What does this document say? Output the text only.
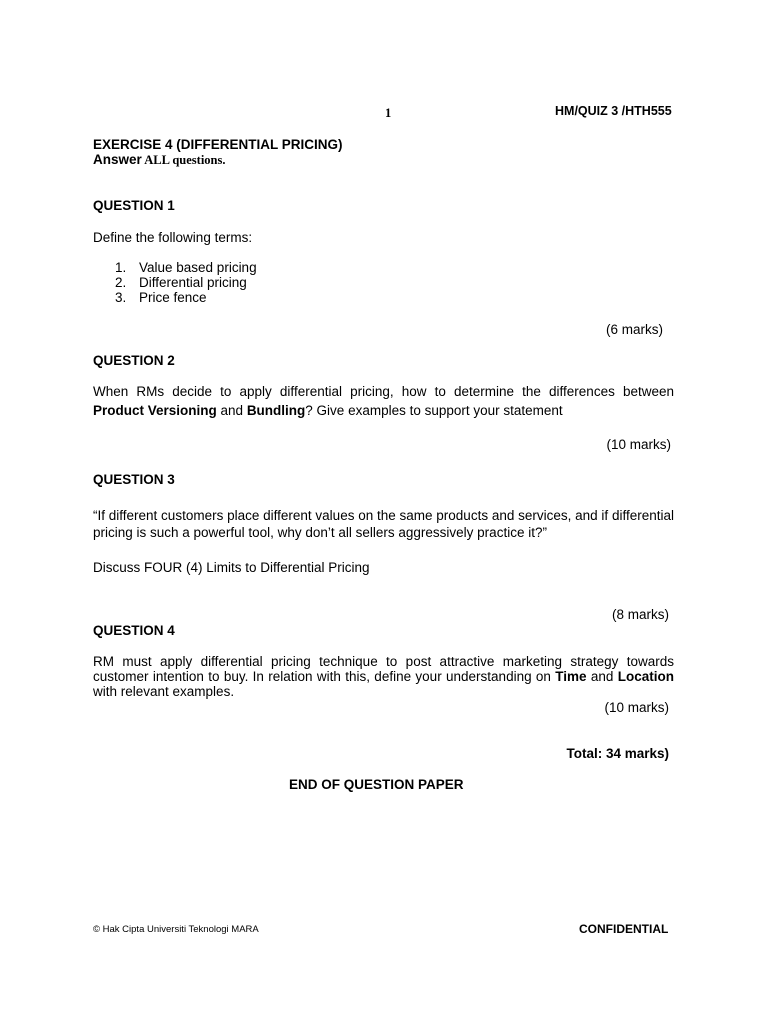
1	HM/QUIZ 3 /HTH555
EXERCISE 4 (DIFFERENTIAL PRICING)
Answer ALL questions.
QUESTION 1
Define the following terms:
1. Value based pricing
2. Differential pricing
3. Price fence
(6 marks)
QUESTION 2
When RMs decide to apply differential pricing, how to determine the differences between Product Versioning and Bundling? Give examples to support your statement
(10 marks)
QUESTION 3
“If different customers place different values on the same products and services, and if differential pricing is such a powerful tool, why don’t all sellers aggressively practice it?”
Discuss FOUR (4) Limits to Differential Pricing
(8 marks)
QUESTION 4
RM must apply differential pricing technique to post attractive marketing strategy towards customer intention to buy. In relation with this, define your understanding on Time and Location with relevant examples.
(10 marks)
Total: 34 marks)
END OF QUESTION PAPER
© Hak Cipta Universiti Teknologi MARA	CONFIDENTIAL
